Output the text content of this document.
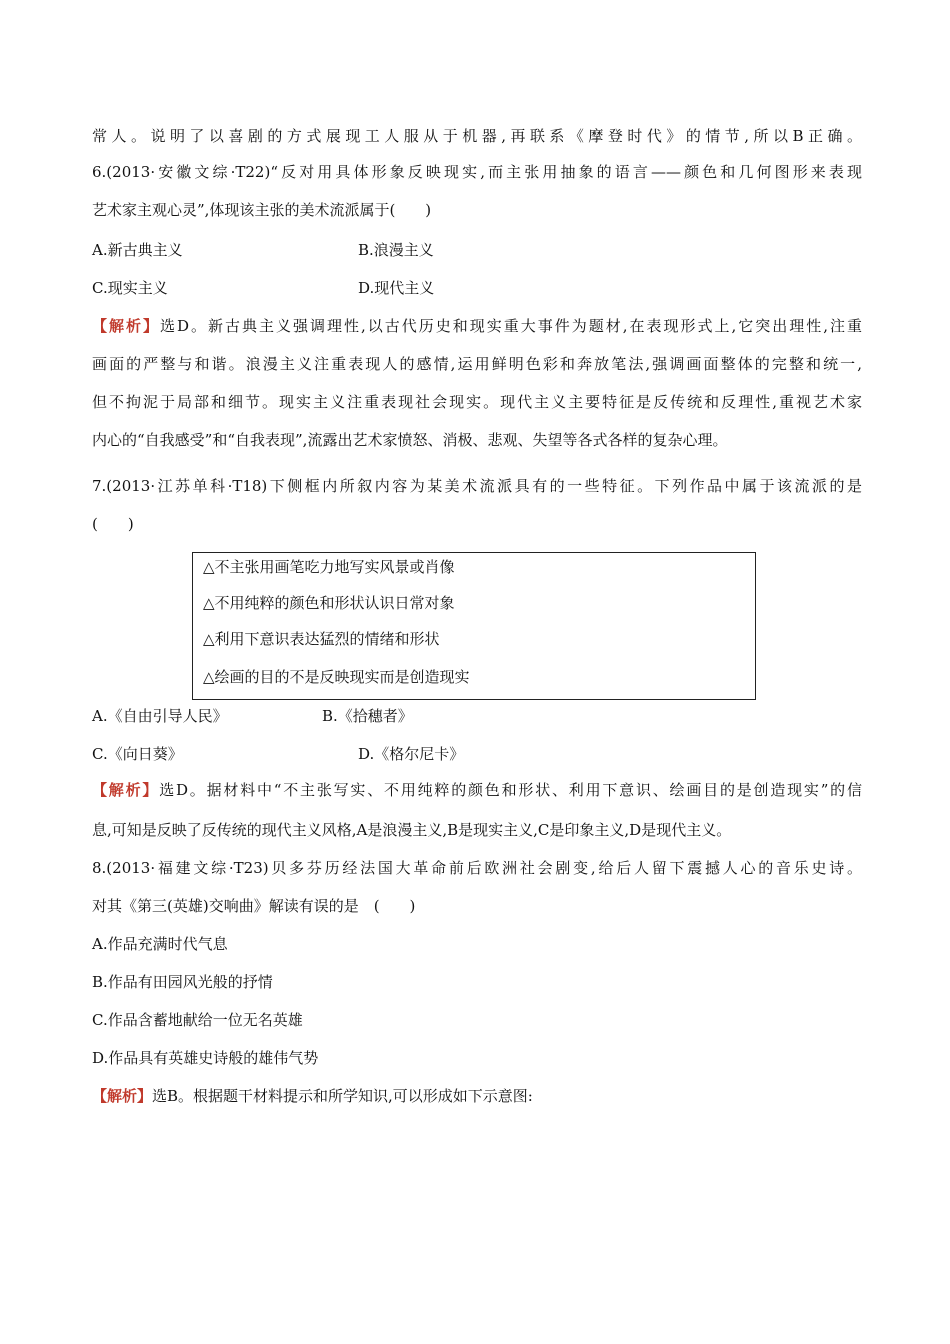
常人。说明了以喜剧的方式展现工人服从于机器,再联系《摩登时代》的情节,所以B正确。
6.(2013·安徽文综·T22)“反对用具体形象反映现实,而主张用抽象的语言——颜色和几何图形来表现
艺术家主观心灵”,体现该主张的美术流派属于(　　)
A.新古典主义	B.浪漫主义
C.现实主义	D.现代主义
【解析】选D。新古典主义强调理性,以古代历史和现实重大事件为题材,在表现形式上,它突出理性,注重
画面的严整与和谐。浪漫主义注重表现人的感情,运用鲜明色彩和奔放笔法,强调画面整体的完整和统一,
但不拘泥于局部和细节。现实主义注重表现社会现实。现代主义主要特征是反传统和反理性,重视艺术家
内心的“自我感受”和“自我表现”,流露出艺术家愤怒、消极、悲观、失望等各式各样的复杂心理。
7.(2013·江苏单科·T18)下侧框内所叙内容为某美术流派具有的一些特征。下列作品中属于该流派的是
(　　)
△不主张用画笔吃力地写实风景或肖像
△不用纯粹的颜色和形状认识日常对象
△利用下意识表达猛烈的情绪和形状
△绘画的目的不是反映现实而是创造现实
A.《自由引导人民》	B.《拾穗者》
C.《向日葵》	D.《格尔尼卡》
【解析】选D。据材料中“不主张写实、不用纯粹的颜色和形状、利用下意识、绘画目的是创造现实”的信
息,可知是反映了反传统的现代主义风格,A是浪漫主义,B是现实主义,C是印象主义,D是现代主义。
8.(2013·福建文综·T23)贝多芬历经法国大革命前后欧洲社会剧变,给后人留下震撼人心的音乐史诗。
对其《第三(英雄)交响曲》解读有误的是　(　　)
A.作品充满时代气息
B.作品有田园风光般的抒情
C.作品含蓄地献给一位无名英雄
D.作品具有英雄史诗般的雄伟气势
【解析】选B。根据题干材料提示和所学知识,可以形成如下示意图:
